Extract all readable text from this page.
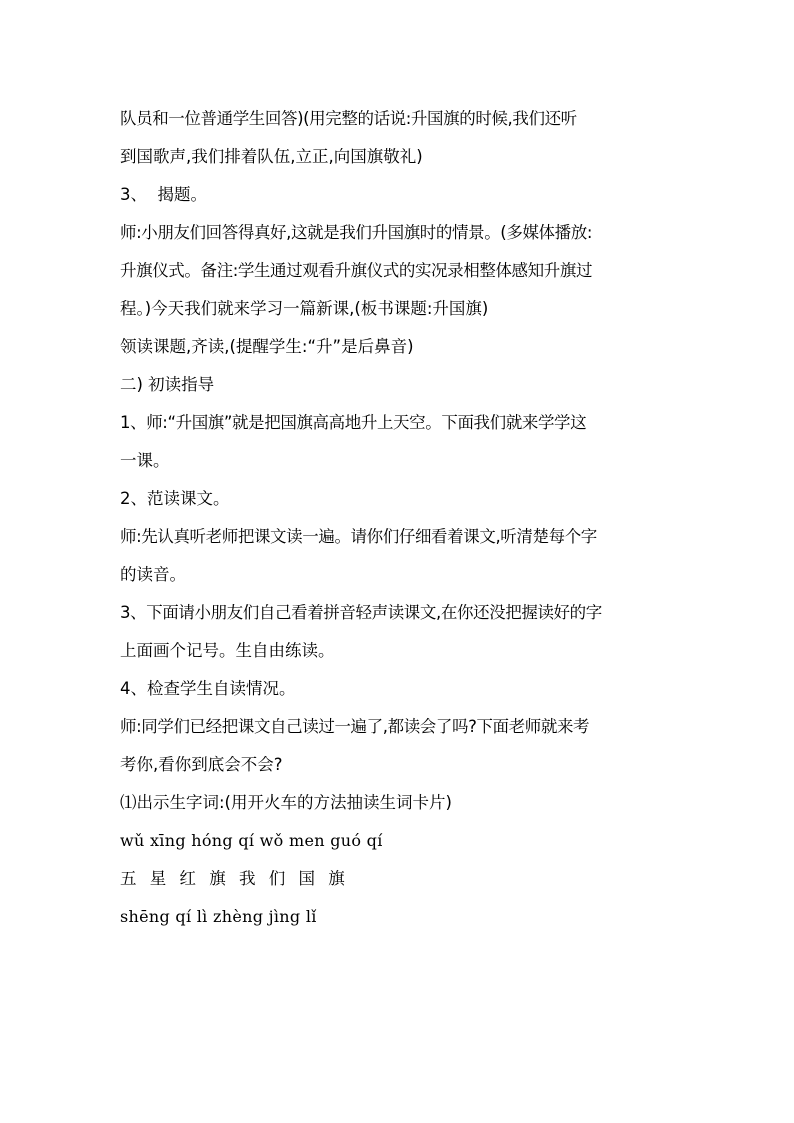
队员和一位普通学生回答)(用完整的话说:升国旗的时候,我们还听
到国歌声,我们排着队伍,立正,向国旗敬礼)
3、  揭题。
师:小朋友们回答得真好,这就是我们升国旗时的情景。(多媒体播放:
升旗仪式。备注:学生通过观看升旗仪式的实况录相整体感知升旗过
程。)今天我们就来学习一篇新课,(板书课题:升国旗)
领读课题,齐读,(提醒学生:“升”是后鼻音)
二) 初读指导
1、师:“升国旗”就是把国旗高高地升上天空。下面我们就来学学这
一课。
2、范读课文。
师:先认真听老师把课文读一遍。请你们仔细看着课文,听清楚每个字
的读音。
3、下面请小朋友们自己看着拼音轻声读课文,在你还没把握读好的字
上面画个记号。生自由练读。
4、检查学生自读情况。
师:同学们已经把课文自己读过一遍了,都读会了吗?下面老师就来考
考你,看你到底会不会?
⑴出示生字词:(用开火车的方法抽读生词卡片)
wǔ xīng hóng qí wǒ men guó qí
五 星 红 旗 我 们 国 旗
shēng qí lì zhèng jìng lǐ
